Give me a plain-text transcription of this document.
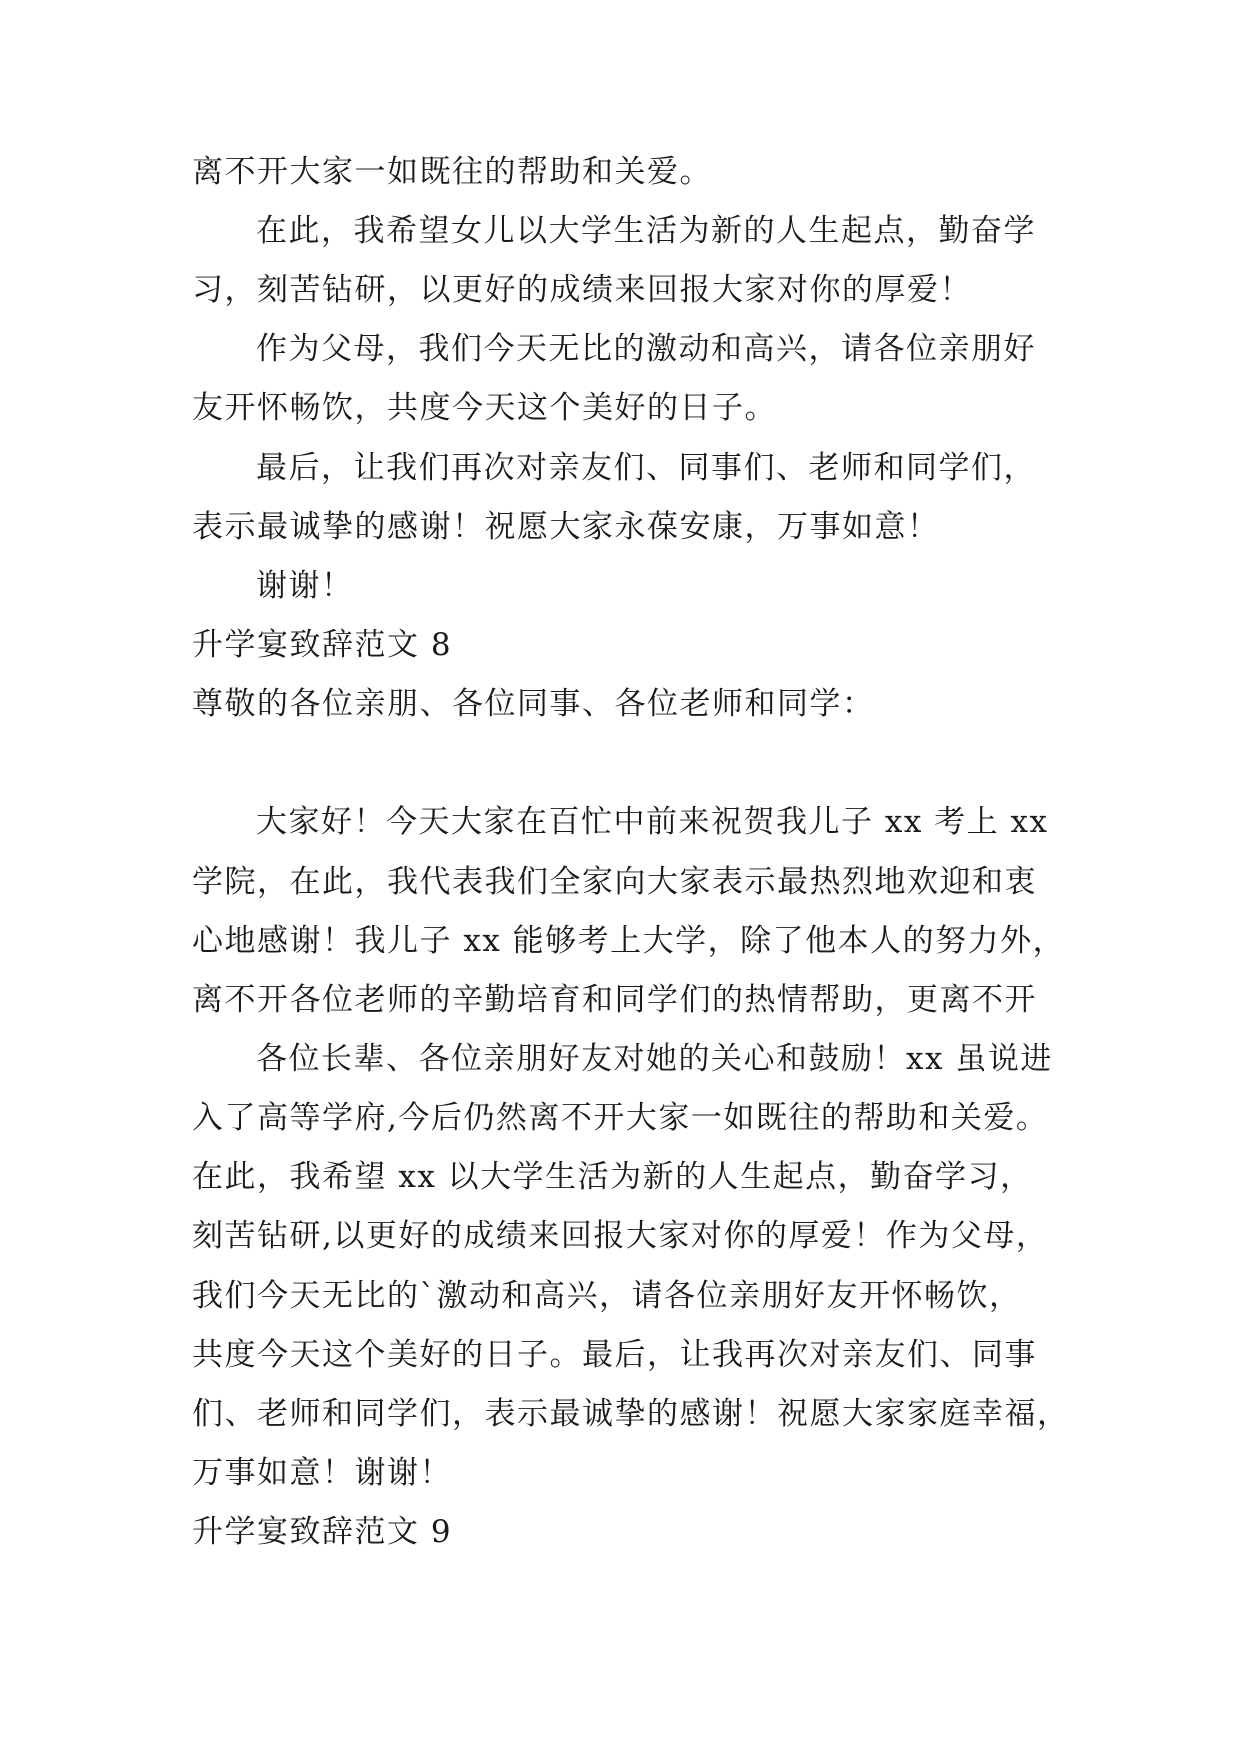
离不开大家一如既往的帮助和关爱。
在此，我希望女儿以大学生活为新的人生起点，勤奋学
习，刻苦钻研，以更好的成绩来回报大家对你的厚爱！
作为父母，我们今天无比的激动和高兴，请各位亲朋好
友开怀畅饮，共度今天这个美好的日子。
最后，让我们再次对亲友们、同事们、老师和同学们，
表示最诚挚的感谢！祝愿大家永葆安康，万事如意！
谢谢！
升学宴致辞范文 8
尊敬的各位亲朋、各位同事、各位老师和同学：
大家好！今天大家在百忙中前来祝贺我儿子 xx 考上 xx
学院，在此，我代表我们全家向大家表示最热烈地欢迎和衷
心地感谢！我儿子 xx 能够考上大学，除了他本人的努力外，
离不开各位老师的辛勤培育和同学们的热情帮助，更离不开
各位长辈、各位亲朋好友对她的关心和鼓励！xx 虽说进
入了高等学府,今后仍然离不开大家一如既往的帮助和关爱。
在此，我希望 xx 以大学生活为新的人生起点，勤奋学习，
刻苦钻研,以更好的成绩来回报大家对你的厚爱！作为父母，
我们今天无比的`激动和高兴，请各位亲朋好友开怀畅饮，
共度今天这个美好的日子。最后，让我再次对亲友们、同事
们、老师和同学们，表示最诚挚的感谢！祝愿大家家庭幸福，
万事如意！谢谢！
升学宴致辞范文 9
